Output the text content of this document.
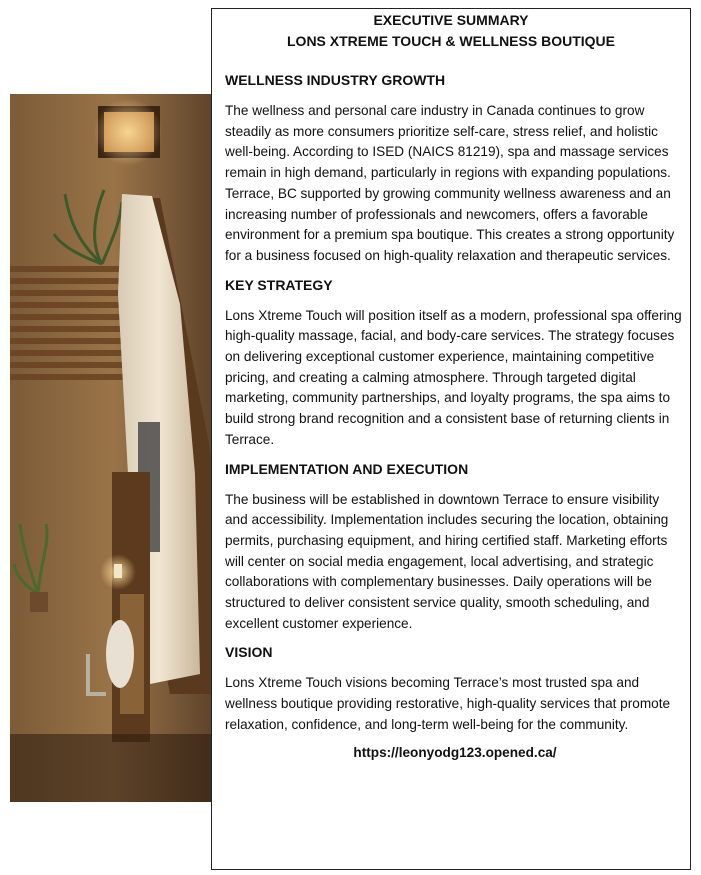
EXECUTIVE SUMMARY
LONS XTREME TOUCH & WELLNESS BOUTIQUE
WELLNESS INDUSTRY GROWTH

The wellness and personal care industry in Canada continues to grow steadily as more consumers prioritize self-care, stress relief, and holistic well-being. According to ISED (NAICS 81219), spa and massage services remain in high demand, particularly in regions with expanding populations. Terrace, BC supported by growing community wellness awareness and an increasing number of professionals and newcomers, offers a favorable environment for a premium spa boutique. This creates a strong opportunity for a business focused on high-quality relaxation and therapeutic services.

KEY STRATEGY

Lons Xtreme Touch will position itself as a modern, professional spa offering high-quality massage, facial, and body-care services. The strategy focuses on delivering exceptional customer experience, maintaining competitive pricing, and creating a calming atmosphere. Through targeted digital marketing, community partnerships, and loyalty programs, the spa aims to build strong brand recognition and a consistent base of returning clients in Terrace.

IMPLEMENTATION AND EXECUTION

The business will be established in downtown Terrace to ensure visibility and accessibility. Implementation includes securing the location, obtaining permits, purchasing equipment, and hiring certified staff. Marketing efforts will center on social media engagement, local advertising, and strategic collaborations with complementary businesses. Daily operations will be structured to deliver consistent service quality, smooth scheduling, and excellent customer experience.

VISION

Lons Xtreme Touch visions becoming Terrace’s most trusted spa and wellness boutique providing restorative, high-quality services that promote relaxation, confidence, and long-term well-being for the community.

https://leonyodg123.opened.ca/
